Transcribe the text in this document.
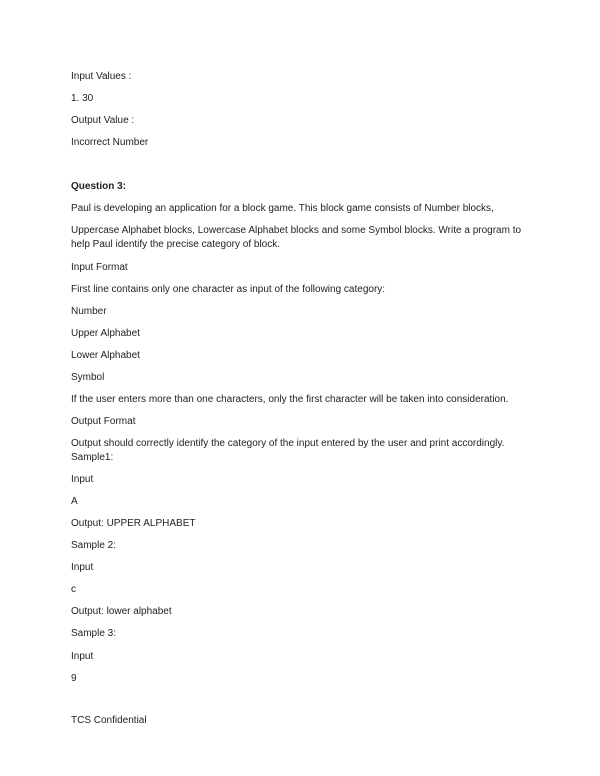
Input Values :
1. 30
Output Value :
Incorrect Number
Question 3:
Paul is developing an application for a block game. This block game consists of Number blocks,
Uppercase Alphabet blocks, Lowercase Alphabet blocks and some Symbol blocks. Write a program to
help Paul identify the precise category of block.
Input Format
First line contains only one character as input of the following category:
Number
Upper Alphabet
Lower Alphabet
Symbol
If the user enters more than one characters, only the first character will be taken into consideration.
Output Format
Output should correctly identify the category of the input entered by the user and print accordingly.
Sample1:
Input
A
Output: UPPER ALPHABET
Sample 2:
Input
c
Output: lower alphabet
Sample 3:
Input
9
TCS Confidential
